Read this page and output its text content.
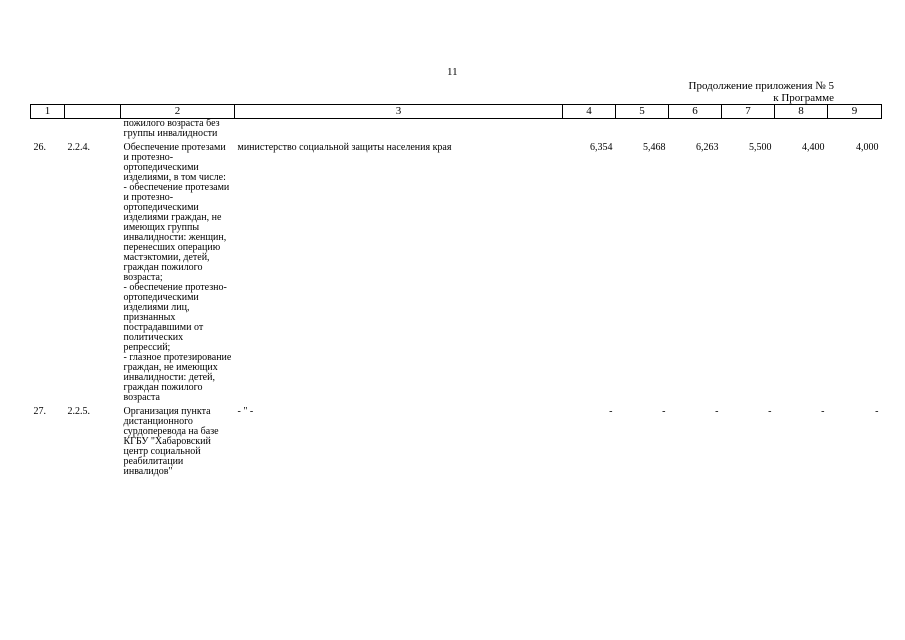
11
Продолжение приложения № 5
к Программе
1		2	3	4	5	6	7	8	9
		пожилого возраста без группы инвалидности							

26.	2.2.4.	Обеспечение протезами и протезно-ортопедическими изделиями, в том числе:
- обеспечение протезами и протезно-ортопедическими изделиями граждан, не имеющих группы инвалидности: женщин, перенесших операцию мастэктомии, детей, граждан пожилого возраста;
- обеспечение протезно-ортопедическими изделиями лиц, признанных пострадавшими от политических репрессий;
- глазное протезирование граждан, не имеющих инвалидности: детей, граждан пожилого возраста	министерство социальной защиты населения края	6,354	5,468	6,263	5,500	4,400	4,000

27.	2.2.5.	Организация пункта дистанционного сурдоперевода на базе КГБУ "Хабаровский центр социальной реабилитации инвалидов"	- " -	-	-	-	-	-	-
